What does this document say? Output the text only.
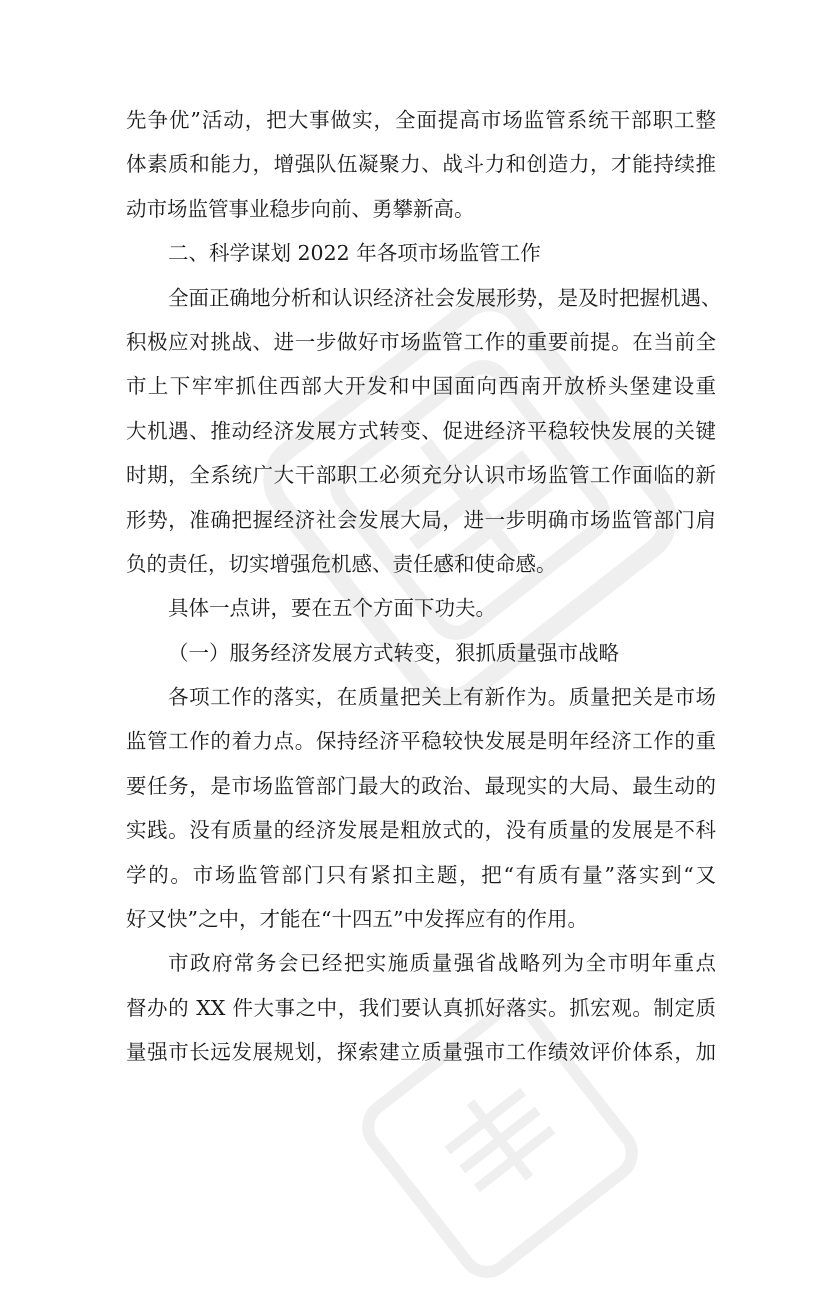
先争优”活动，把大事做实，全面提高市场监管系统干部职工整
体素质和能力，增强队伍凝聚力、战斗力和创造力，才能持续推
动市场监管事业稳步向前、勇攀新高。
二、科学谋划 2022 年各项市场监管工作
全面正确地分析和认识经济社会发展形势，是及时把握机遇、
积极应对挑战、进一步做好市场监管工作的重要前提。在当前全
市上下牢牢抓住西部大开发和中国面向西南开放桥头堡建设重
大机遇、推动经济发展方式转变、促进经济平稳较快发展的关键
时期，全系统广大干部职工必须充分认识市场监管工作面临的新
形势，准确把握经济社会发展大局，进一步明确市场监管部门肩
负的责任，切实增强危机感、责任感和使命感。
具体一点讲，要在五个方面下功夫。
（一）服务经济发展方式转变，狠抓质量强市战略
各项工作的落实，在质量把关上有新作为。质量把关是市场
监管工作的着力点。保持经济平稳较快发展是明年经济工作的重
要任务，是市场监管部门最大的政治、最现实的大局、最生动的
实践。没有质量的经济发展是粗放式的，没有质量的发展是不科
学的。市场监管部门只有紧扣主题，把“有质有量”落实到“又
好又快”之中，才能在“十四五”中发挥应有的作用。
市政府常务会已经把实施质量强省战略列为全市明年重点
督办的 XX 件大事之中，我们要认真抓好落实。抓宏观。制定质
量强市长远发展规划，探索建立质量强市工作绩效评价体系，加
